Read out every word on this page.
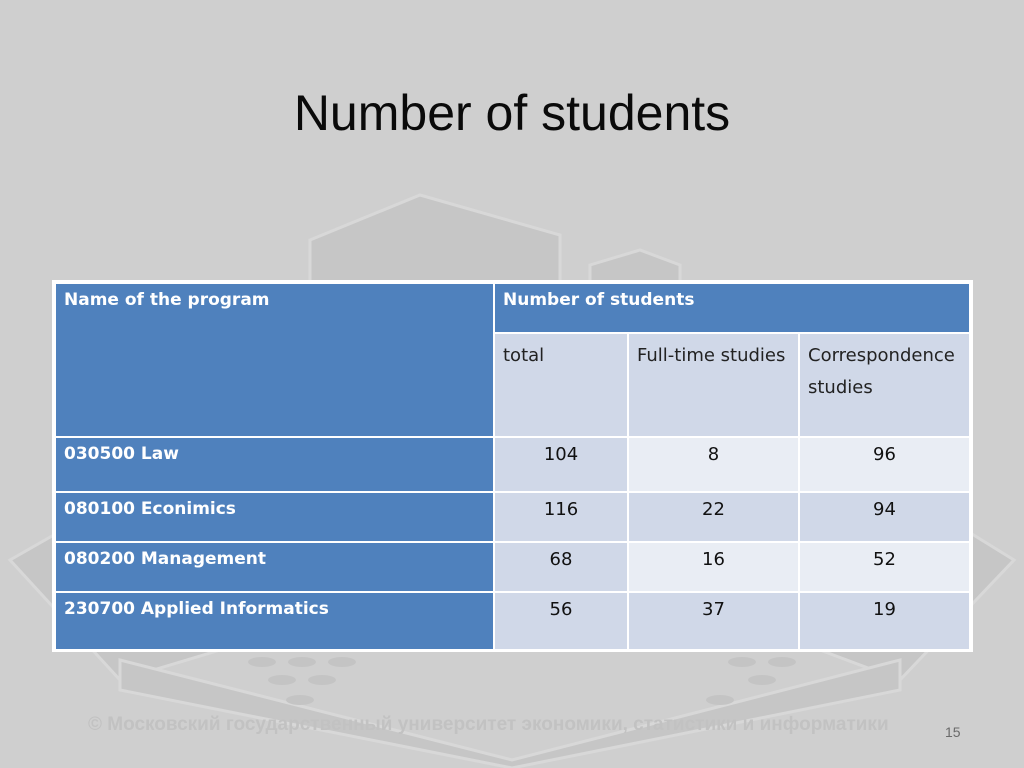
Number of students
Name of the program	Number of students		
	total	Full-time studies	Correspondence studies
030500 Law	104	8	96
080100 Econimics	116	22	94
080200 Management	68	16	52
230700 Applied Informatics	56	37	19
© Московский государственный университет экономики, статистики и информатики	15
